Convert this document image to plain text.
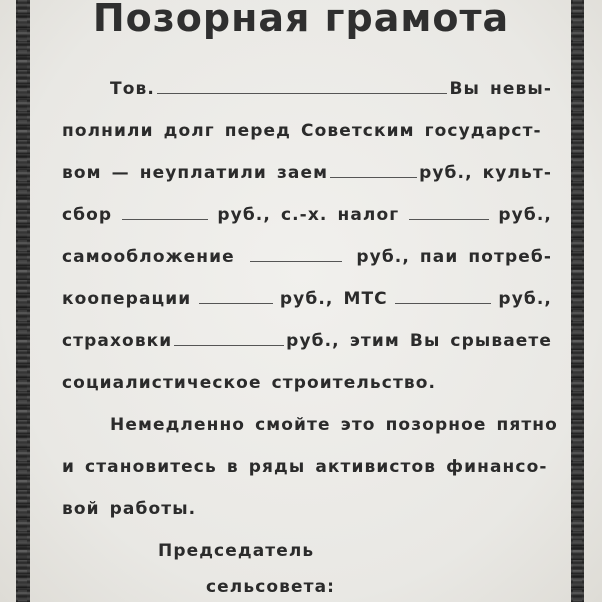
Позорная грамота
Тов.	Вы невы-
полнили долг перед Советским государст-
вом — неуплатили заем	руб., культ-
сбор	руб., с.-х. налог	руб.,
самообложение	руб., паи потреб-
кооперации	руб., МТС	руб.,
страховки	руб., этим Вы срываете
социалистическое строительство.
Немедленно смойте это позорное пятно
и становитесь в ряды активистов финансо-
вой работы.
Председатель
сельсовета:
